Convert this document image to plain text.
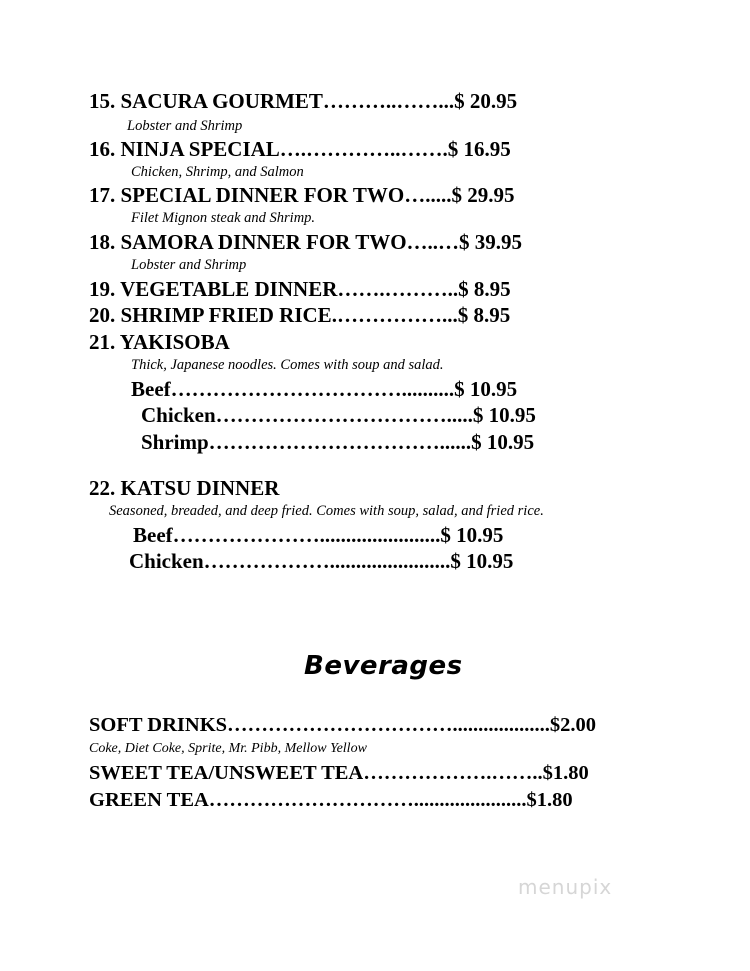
15. SACURA GOURMET………..……...$ 20.95
Lobster and Shrimp
16. NINJA SPECIAL….…………..…….$ 16.95
Chicken, Shrimp, and Salmon
17. SPECIAL DINNER FOR TWO….....$ 29.95
Filet Mignon steak and Shrimp.
18. SAMORA DINNER FOR TWO…..…$ 39.95
Lobster and Shrimp
19. VEGETABLE DINNER…….………..$ 8.95
20. SHRIMP FRIED RICE.……………...$ 8.95
21. YAKISOBA
Thick, Japanese noodles. Comes with soup and salad.
Beef……………………………..........$ 10.95
Chicken…………………………….....$ 10.95
Shrimp……………………………......$ 10.95
22. KATSU DINNER
Seasoned, breaded, and deep fried. Comes with soup, salad, and fried rice.
Beef………………….......................$ 10.95
Chicken……………….......................$ 10.95
Beverages
SOFT DRINKS……………………………...................$2.00
Coke, Diet Coke, Sprite, Mr. Pibb, Mellow Yellow
SWEET TEA/UNSWEET TEA……………….……..$1.80
GREEN TEA…………………………......................$1.80
menupix
